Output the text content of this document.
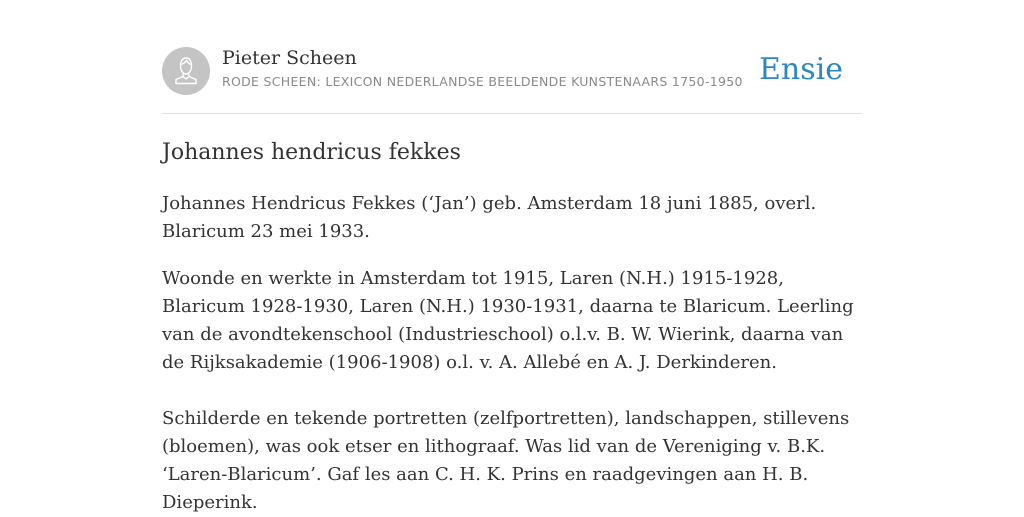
Pieter Scheen
RODE SCHEEN: LEXICON NEDERLANDSE BEELDENDE KUNSTENAARS 1750-1950 Ensie
Johannes hendricus fekkes

Johannes Hendricus Fekkes (‘Jan’) geb. Amsterdam 18 juni 1885, overl. Blaricum 23 mei 1933.

Woonde en werkte in Amsterdam tot 1915, Laren (N.H.) 1915-1928, Blaricum 1928-1930, Laren (N.H.) 1930-1931, daarna te Blaricum. Leerling van de avondtekenschool (Industrieschool) o.l.v. B. W. Wierink, daarna van de Rijksakademie (1906-1908) o.l. v. A. Allebé en A. J. Derkinderen.

Schilderde en tekende portretten (zelfportretten), landschappen, stillevens (bloemen), was ook etser en lithograaf. Was lid van de Vereniging v. B.K. ‘Laren-Blaricum’. Gaf les aan C. H. K. Prins en raadgevingen aan H. B. Dieperink.
